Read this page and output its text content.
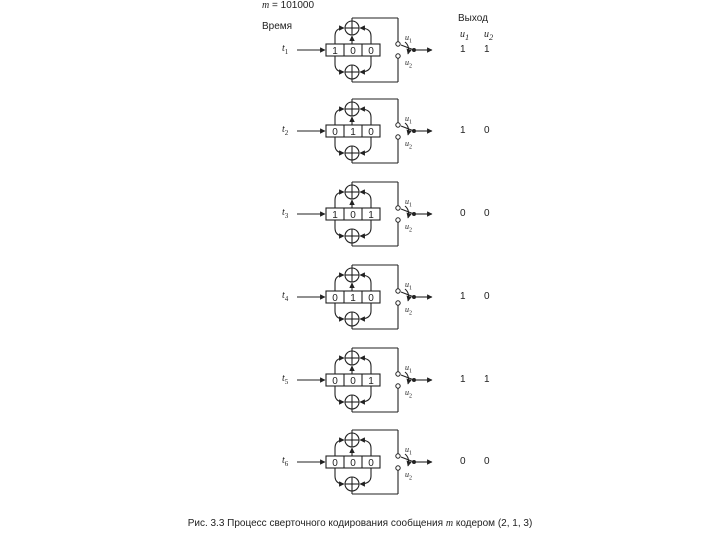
m = 101000
Время
Выход
$u_1$ $u_2$
1 0 0
0 1 0
1 0 1
0 1 0
0 0 1
0 0 0
$t_1$
$u_1$
$u_2$
1 1
$t_2$
$u_1$
$u_2$
1 0
$t_3$
$u_1$
$u_2$
0 0
$t_4$
$u_1$
$u_2$
1 0
$t_5$
$u_1$
$u_2$
1 1
$t_6$
$u_1$
$u_2$
0 0
Рис. 3.3 Процесс сверточного кодирования сообщения m кодером (2, 1, 3)
